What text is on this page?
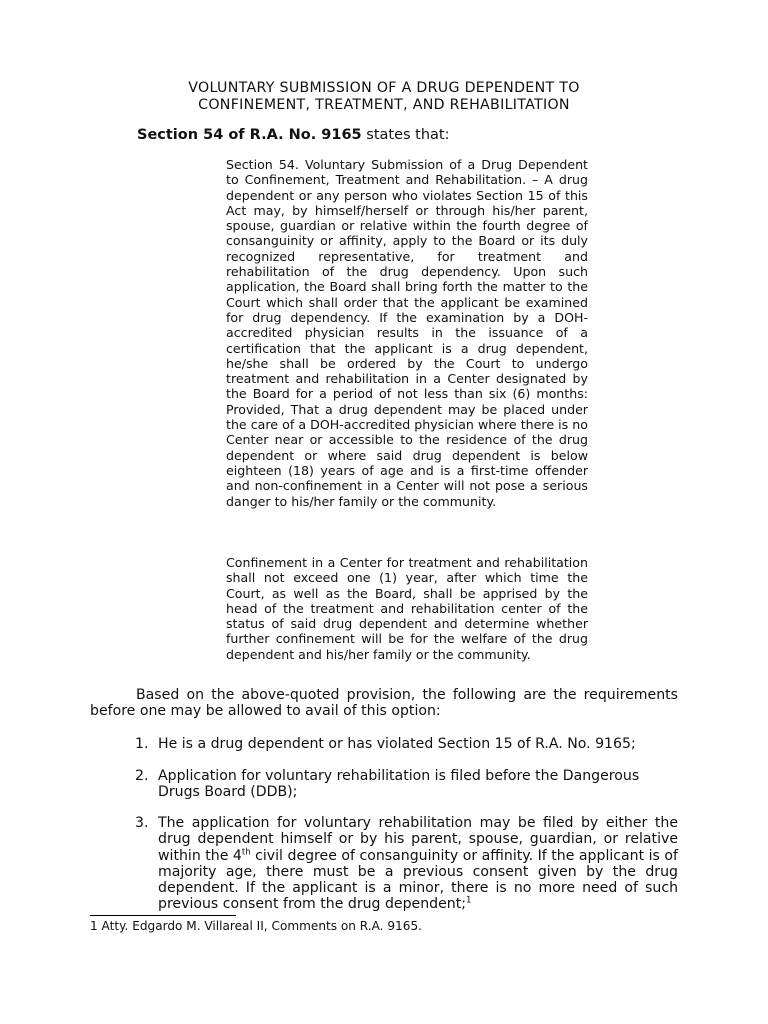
VOLUNTARY SUBMISSION OF A DRUG DEPENDENT TO
CONFINEMENT, TREATMENT, AND REHABILITATION
Section 54 of R.A. No. 9165 states that:

Section 54. Voluntary Submission of a Drug Dependent to Confinement, Treatment and Rehabilitation. – A drug dependent or any person who violates Section 15 of this Act may, by himself/herself or through his/her parent, spouse, guardian or relative within the fourth degree of consanguinity or affinity, apply to the Board or its duly recognized representative, for treatment and rehabilitation of the drug dependency. Upon such application, the Board shall bring forth the matter to the Court which shall order that the applicant be examined for drug dependency. If the examination by a DOH-accredited physician results in the issuance of a certification that the applicant is a drug dependent, he/she shall be ordered by the Court to undergo treatment and rehabilitation in a Center designated by the Board for a period of not less than six (6) months: Provided, That a drug dependent may be placed under the care of a DOH-accredited physician where there is no Center near or accessible to the residence of the drug dependent or where said drug dependent is below eighteen (18) years of age and is a first-time offender and non-confinement in a Center will not pose a serious danger to his/her family or the community.

Confinement in a Center for treatment and rehabilitation shall not exceed one (1) year, after which time the Court, as well as the Board, shall be apprised by the head of the treatment and rehabilitation center of the status of said drug dependent and determine whether further confinement will be for the welfare of the drug dependent and his/her family or the community.

Based on the above-quoted provision, the following are the requirements before one may be allowed to avail of this option:

1. He is a drug dependent or has violated Section 15 of R.A. No. 9165;
2. Application for voluntary rehabilitation is filed before the Dangerous Drugs Board (DDB);
3. The application for voluntary rehabilitation may be filed by either the drug dependent himself or by his parent, spouse, guardian, or relative within the 4th civil degree of consanguinity or affinity. If the applicant is of majority age, there must be a previous consent given by the drug dependent. If the applicant is a minor, there is no more need of such previous consent from the drug dependent;$^1$
1 Atty. Edgardo M. Villareal II, Comments on R.A. 9165.
